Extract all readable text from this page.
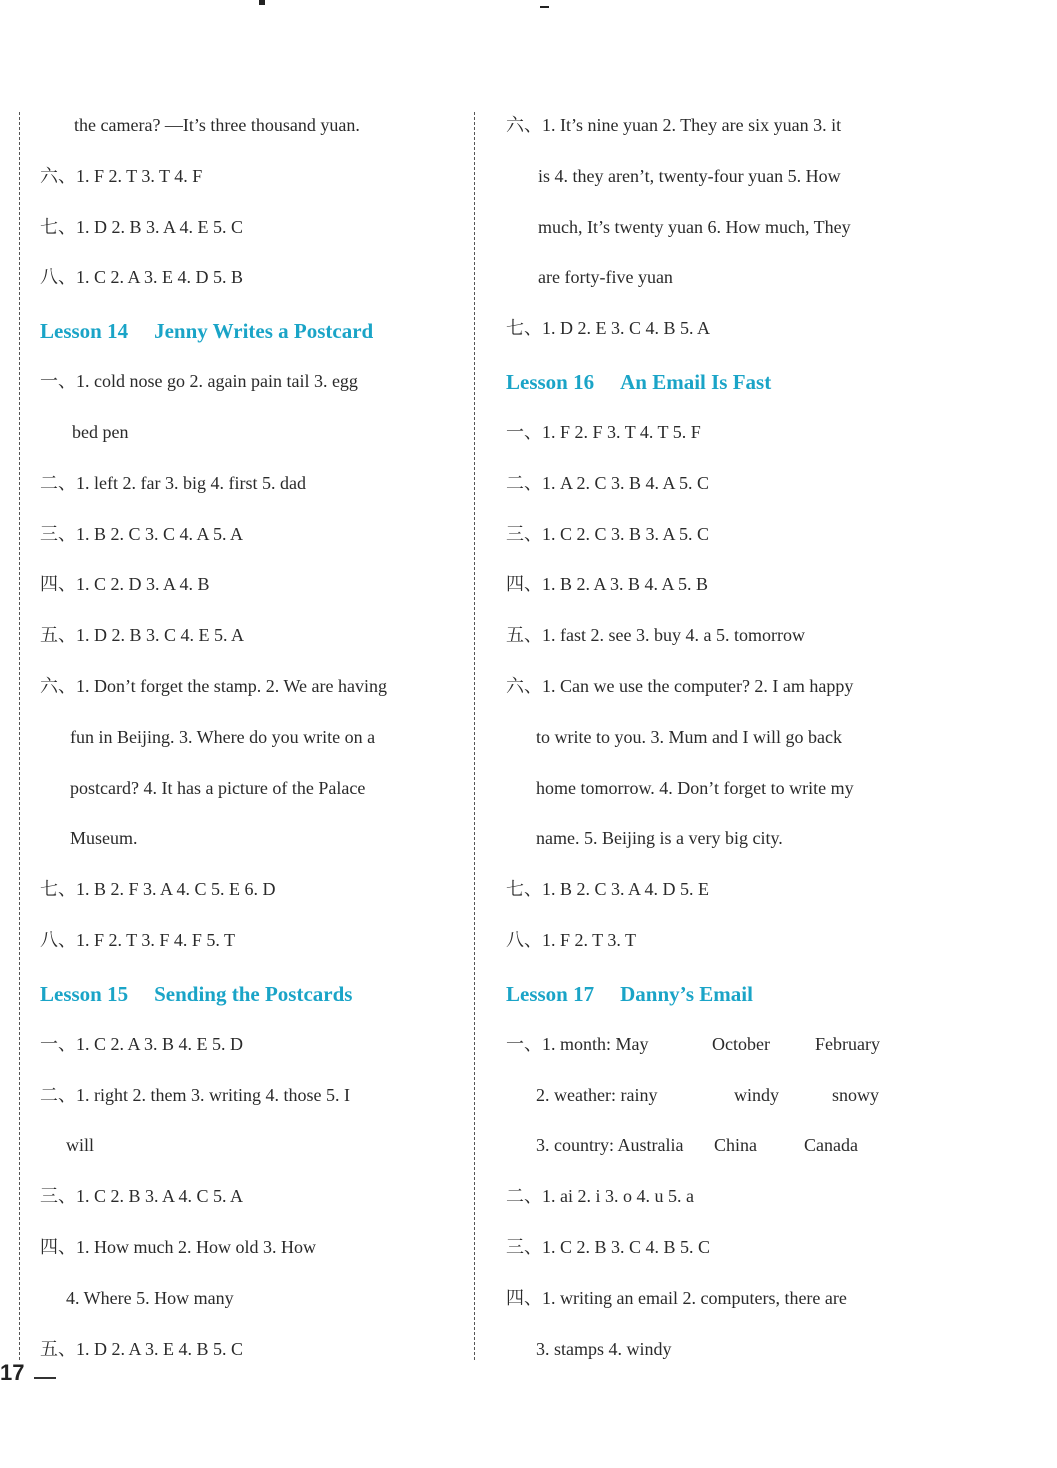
the camera? —It’s three thousand yuan.
六、1. F 2. T 3. T 4. F
七、1. D 2. B 3. A 4. E 5. C
八、1. C 2. A 3. E 4. D 5. B
Lesson 14 Jenny Writes a Postcard
一、1. cold nose go 2. again pain tail 3. egg
bed pen
二、1. left 2. far 3. big 4. first 5. dad
三、1. B 2. C 3. C 4. A 5. A
四、1. C 2. D 3. A 4. B
五、1. D 2. B 3. C 4. E 5. A
六、1. Don’t forget the stamp. 2. We are having
fun in Beijing. 3. Where do you write on a
postcard? 4. It has a picture of the Palace
Museum.
七、1. B 2. F 3. A 4. C 5. E 6. D
八、1. F 2. T 3. F 4. F 5. T
Lesson 15 Sending the Postcards
一、1. C 2. A 3. B 4. E 5. D
二、1. right 2. them 3. writing 4. those 5. I
will
三、1. C 2. B 3. A 4. C 5. A
四、1. How much 2. How old 3. How
4. Where 5. How many
五、1. D 2. A 3. E 4. B 5. C
六、1. It’s nine yuan 2. They are six yuan 3. it
is 4. they aren’t, twenty-four yuan 5. How
much, It’s twenty yuan 6. How much, They
are forty-five yuan
七、1. D 2. E 3. C 4. B 5. A
Lesson 16 An Email Is Fast
一、1. F 2. F 3. T 4. T 5. F
二、1. A 2. C 3. B 4. A 5. C
三、1. C 2. C 3. B 3. A 5. C
四、1. B 2. A 3. B 4. A 5. B
五、1. fast 2. see 3. buy 4. a 5. tomorrow
六、1. Can we use the computer? 2. I am happy
to write to you. 3. Mum and I will go back
home tomorrow. 4. Don’t forget to write my
name. 5. Beijing is a very big city.
七、1. B 2. C 3. A 4. D 5. E
八、1. F 2. T 3. T
Lesson 17 Danny’s Email
一、1. month: May	October	February
2. weather: rainy	windy	snowy
3. country: Australia China	Canada
二、1. ai 2. i 3. o 4. u 5. a
三、1. C 2. B 3. C 4. B 5. C
四、1. writing an email 2. computers, there are
3. stamps 4. windy
17
